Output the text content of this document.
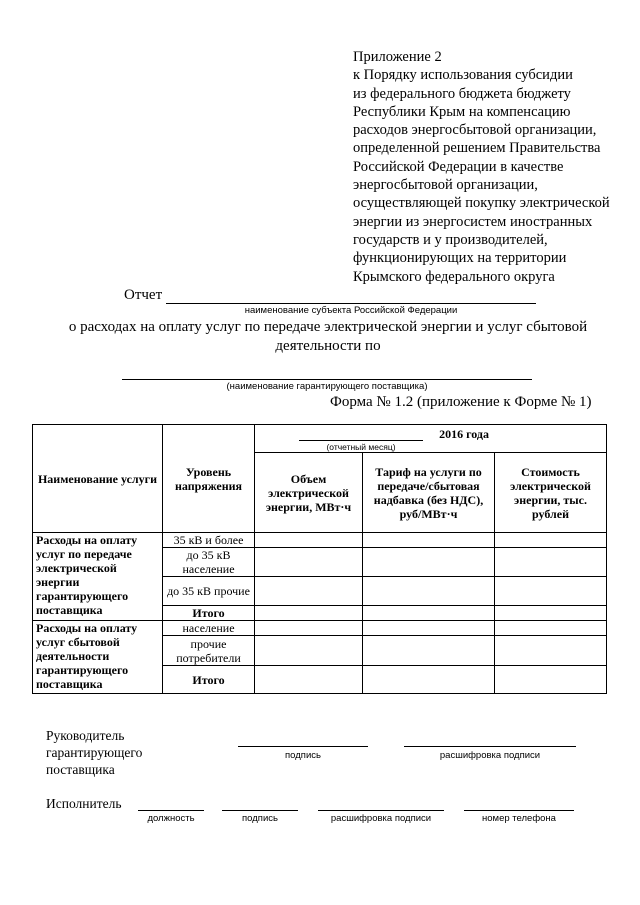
Приложение 2
к Порядку использования субсидии
из федерального бюджета бюджету
Республики Крым на компенсацию
расходов энергосбытовой организации,
определенной решением Правительства
Российской Федерации в качестве
энергосбытовой организации,
осуществляющей покупку электрической
энергии из энергосистем иностранных
государств и у производителей,
функционирующих на территории
Крымского федерального округа
Отчет
наименование субъекта Российской Федерации
о расходах на оплату услуг по передаче электрической энергии и услуг сбытовой
деятельности по
(наименование гарантирующего поставщика)
Форма № 1.2 (приложение к Форме № 1)
Наименование услуги	Уровень напряжения	2016 года
(отчетный месяц)		

		Объем электрической энергии, МВт·ч	Тариф на услуги по передаче/сбытовая надбавка (без НДС), руб/МВт·ч	Стоимость электрической энергии, тыс. рублей
Расходы на оплату услуг по передаче электрической энергии гарантирующего поставщика	35 кВ и более			
	до 35 кВ население			
	до 35 кВ прочие			
	Итого			
Расходы на оплату услуг сбытовой деятельности гарантирующего поставщика	население			
	прочие потребители			
	Итого			
Руководитель гарантирующего поставщика
подпись	расшифровка подписи
Исполнитель
должность	подпись	расшифровка подписи	номер телефона
